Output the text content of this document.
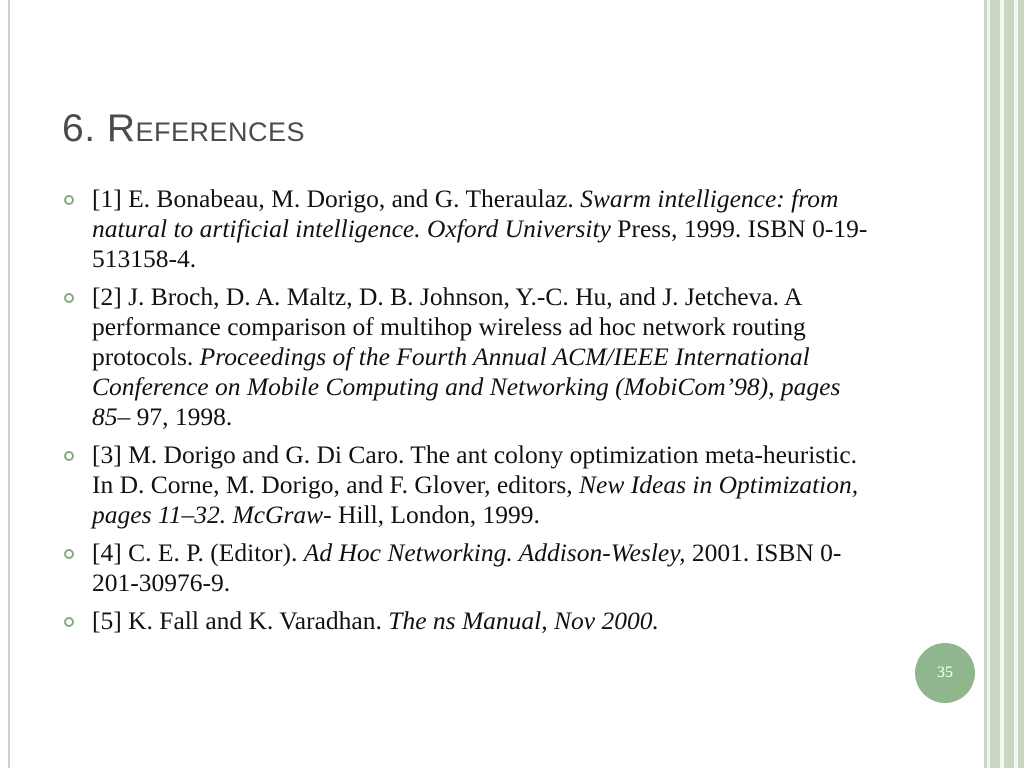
6. References
[1] E. Bonabeau, M. Dorigo, and G. Theraulaz. Swarm intelligence: from natural to artificial intelligence. Oxford University Press, 1999. ISBN 0-19-513158-4.
[2] J. Broch, D. A. Maltz, D. B. Johnson, Y.-C. Hu, and J. Jetcheva. A performance comparison of multihop wireless ad hoc network routing protocols. Proceedings of the Fourth Annual ACM/IEEE International Conference on Mobile Computing and Networking (MobiCom’98), pages 85– 97, 1998.
[3] M. Dorigo and G. Di Caro. The ant colony optimization meta-heuristic. In D. Corne, M. Dorigo, and F. Glover, editors, New Ideas in Optimization, pages 11–32. McGraw- Hill, London, 1999.
[4] C. E. P. (Editor). Ad Hoc Networking. Addison-Wesley, 2001. ISBN 0-201-30976-9.
[5] K. Fall and K. Varadhan. The ns Manual, Nov 2000.
35
